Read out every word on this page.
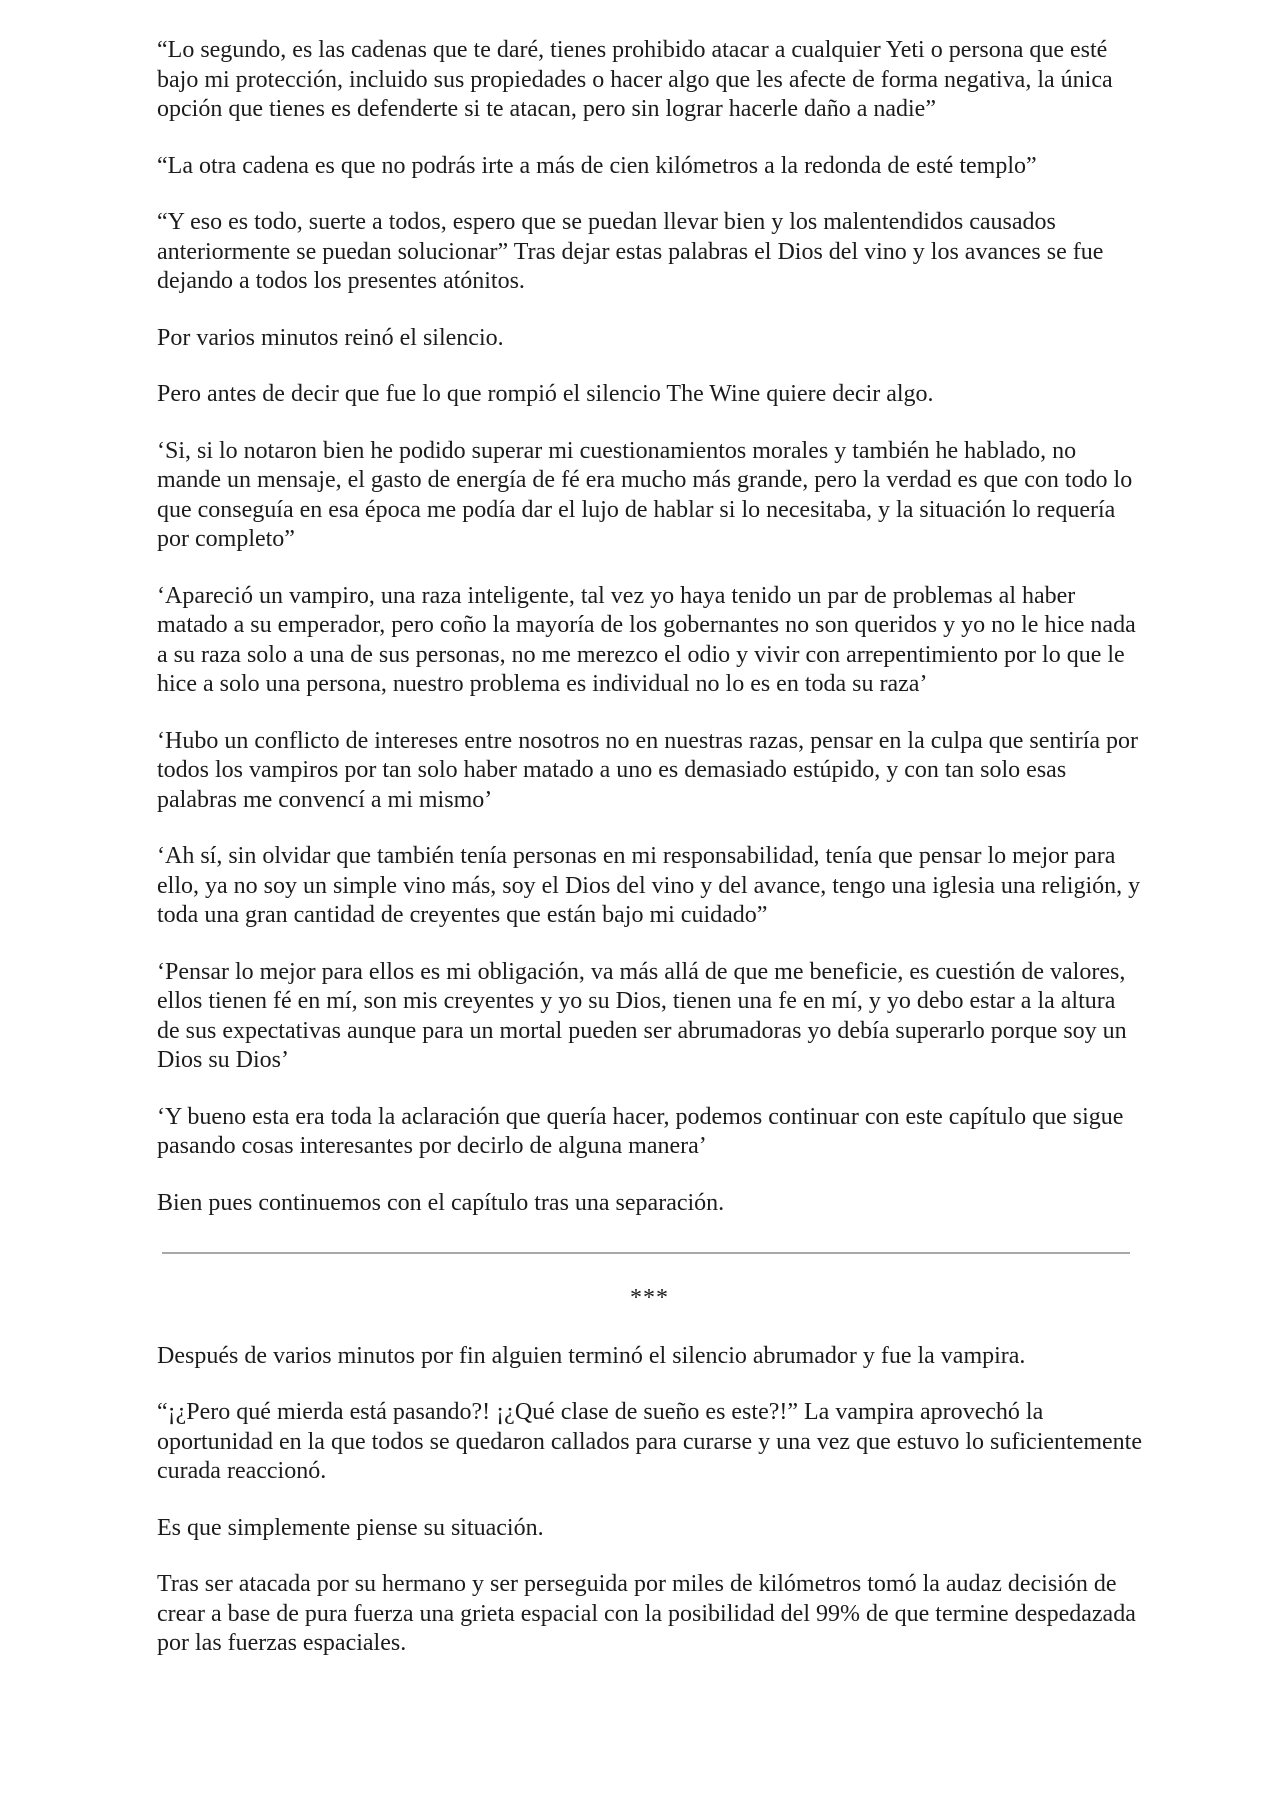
“Lo segundo, es las cadenas que te daré, tienes prohibido atacar a cualquier Yeti o persona que esté bajo mi protección, incluido sus propiedades o hacer algo que les afecte de forma negativa, la única opción que tienes es defenderte si te atacan, pero sin lograr hacerle daño a nadie”

“La otra cadena es que no podrás irte a más de cien kilómetros a la redonda de esté templo”

“Y eso es todo, suerte a todos, espero que se puedan llevar bien y los malentendidos causados anteriormente se puedan solucionar” Tras dejar estas palabras el Dios del vino y los avances se fue dejando a todos los presentes atónitos.

Por varios minutos reinó el silencio.

Pero antes de decir que fue lo que rompió el silencio The Wine quiere decir algo.

‘Si, si lo notaron bien he podido superar mi cuestionamientos morales y también he hablado, no mande un mensaje, el gasto de energía de fé era mucho más grande, pero la verdad es que con todo lo que conseguía en esa época me podía dar el lujo de hablar si lo necesitaba, y la situación lo requería por completo”

‘Apareció un vampiro, una raza inteligente, tal vez yo haya tenido un par de problemas al haber matado a su emperador, pero coño la mayoría de los gobernantes no son queridos y yo no le hice nada a su raza solo a una de sus personas, no me merezco el odio y vivir con arrepentimiento por lo que le hice a solo una persona, nuestro problema es individual no lo es en toda su raza’

‘Hubo un conflicto de intereses entre nosotros no en nuestras razas, pensar en la culpa que sentiría por todos los vampiros por tan solo haber matado a uno es demasiado estúpido, y con tan solo esas palabras me convencí a mi mismo’

‘Ah sí, sin olvidar que también tenía personas en mi responsabilidad, tenía que pensar lo mejor para ello, ya no soy un simple vino más, soy el Dios del vino y del avance, tengo una iglesia una religión, y toda una gran cantidad de creyentes que están bajo mi cuidado”

‘Pensar lo mejor para ellos es mi obligación, va más allá de que me beneficie, es cuestión de valores, ellos tienen fé en mí, son mis creyentes y yo su Dios, tienen una fe en mí, y yo debo estar a la altura de sus expectativas aunque para un mortal pueden ser abrumadoras yo debía superarlo porque soy un Dios su Dios’

‘Y bueno esta era toda la aclaración que quería hacer, podemos continuar con este capítulo que sigue pasando cosas interesantes por decirlo de alguna manera’

Bien pues continuemos con el capítulo tras una separación.

***

Después de varios minutos por fin alguien terminó el silencio abrumador y fue la vampira.

“¡¿Pero qué mierda está pasando?! ¡¿Qué clase de sueño es este?!” La vampira aprovechó la oportunidad en la que todos se quedaron callados para curarse y una vez que estuvo lo suficientemente curada reaccionó.

Es que simplemente piense su situación.

Tras ser atacada por su hermano y ser perseguida por miles de kilómetros tomó la audaz decisión de crear a base de pura fuerza una grieta espacial con la posibilidad del 99% de que termine despedazada por las fuerzas espaciales.
